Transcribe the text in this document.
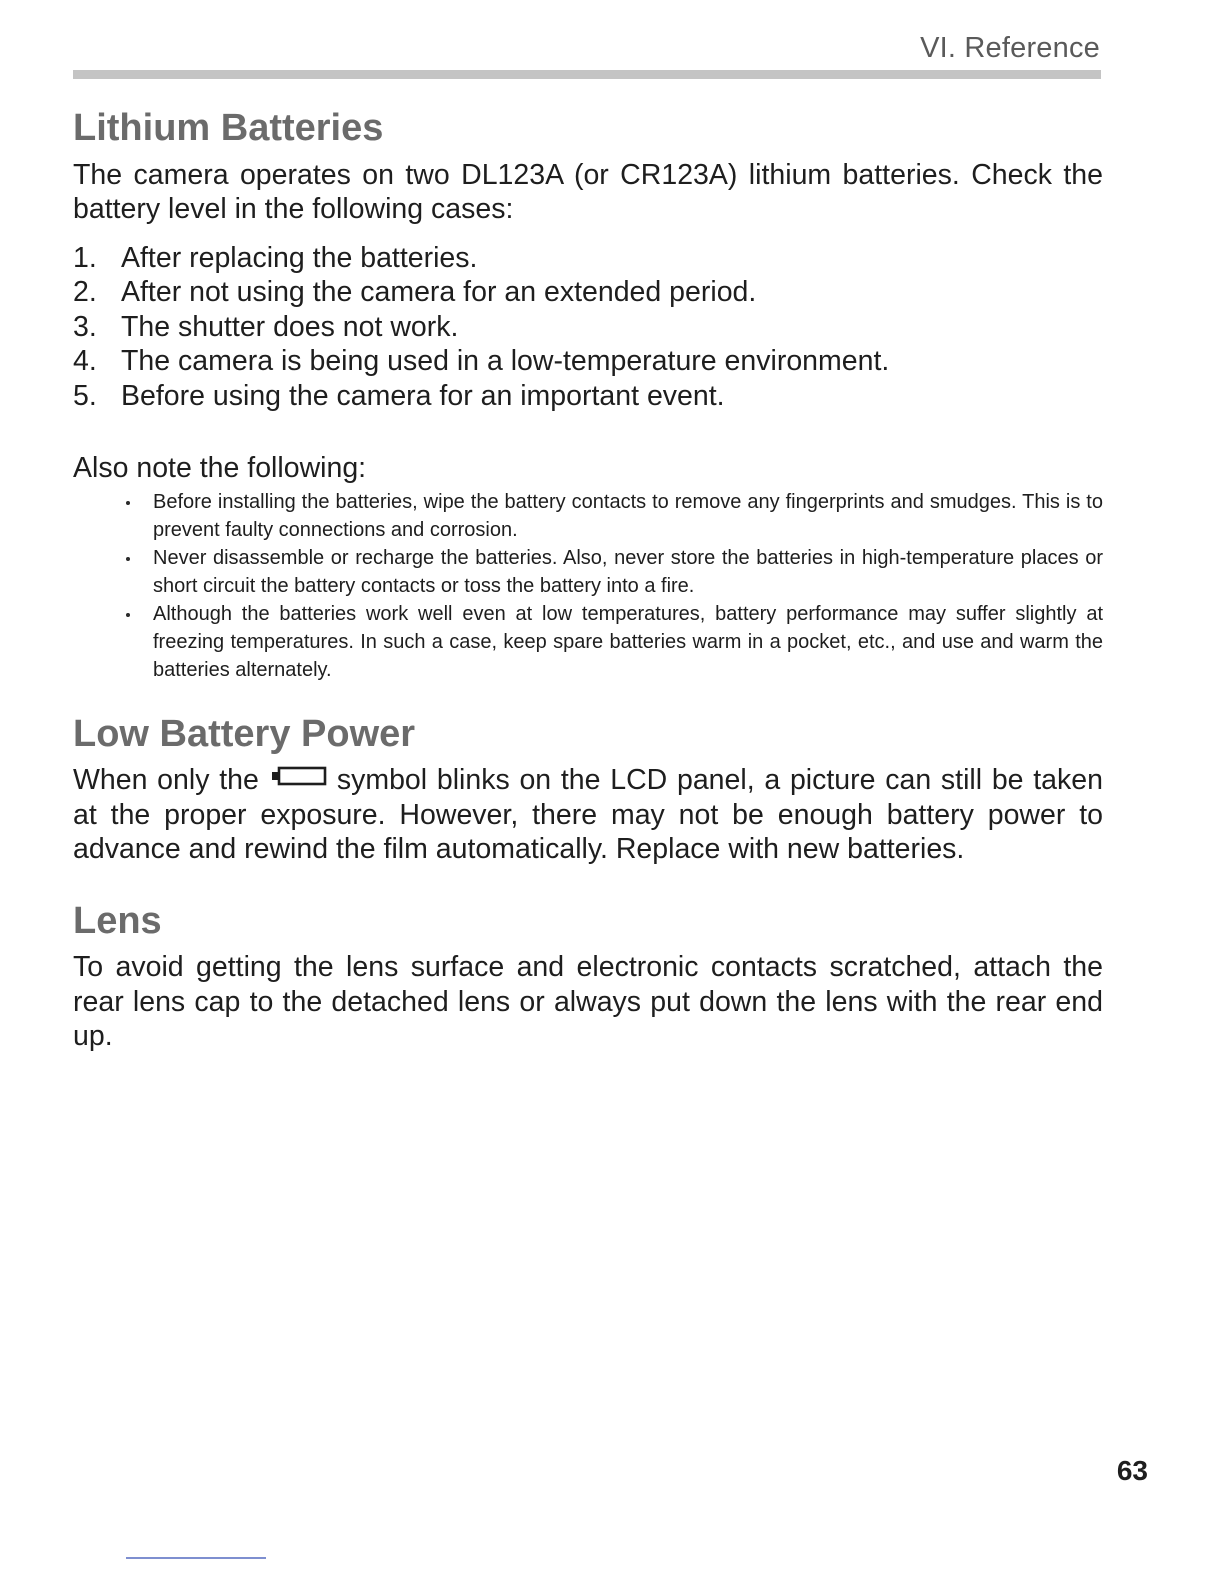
VI. Reference
Lithium Batteries

The camera operates on two DL123A (or CR123A) lithium batteries. Check the battery level in the following cases:

1. After replacing the batteries.
2. After not using the camera for an extended period.
3. The shutter does not work.
4. The camera is being used in a low-temperature environment.
5. Before using the camera for an important event.

Also note the following:

Before installing the batteries, wipe the battery contacts to remove any fingerprints and smudges. This is to prevent faulty connections and corrosion.
Never disassemble or recharge the batteries. Also, never store the batteries in high-temperature places or short circuit the battery contacts or toss the battery into a fire.
Although the batteries work well even at low temperatures, battery performance may suffer slightly at freezing temperatures. In such a case, keep spare batteries warm in a pocket, etc., and use and warm the batteries alternately.
Low Battery Power

When only the	symbol blinks on the LCD panel, a picture can still be taken at the proper exposure. However, there may not be enough battery power to advance and rewind the film automatically. Replace with new batteries.

Lens

To avoid getting the lens surface and electronic contacts scratched, attach the rear lens cap to the detached lens or always put down the lens with the rear end up.

63
